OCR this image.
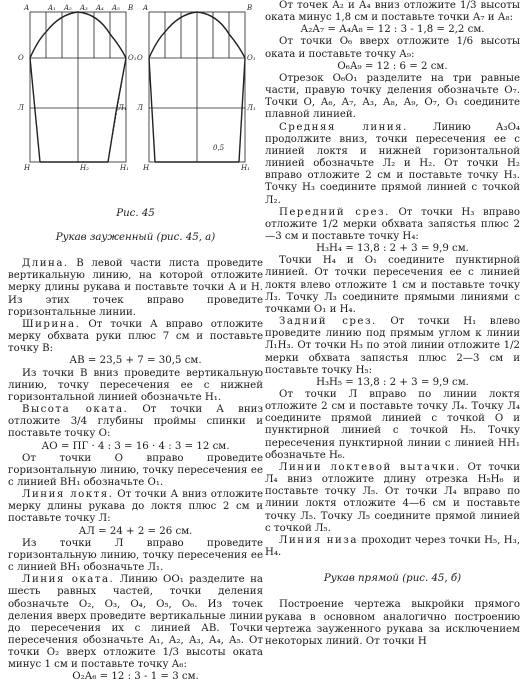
А	В
O	O₁
Л	Л₁
Н	Н₁
A₁ A₂ A₃ A₄ A₅
Н₂
A	В
O	O₁
Л	Л₁
Н	Н₁
0,5
Рис. 45
Рукав зауженный (рис. 45, а)

Длина. В левой части листа проведите вертикальную линию, на которой отложите мерку длины рукава и поставьте точки А и Н. Из этих точек вправо проведите горизонтальные линии.

Ширина. От точки А вправо отложите мерку обхвата руки плюс 7 см и поставьте точку В:

АВ = 23,5 + 7 = 30,5 см.

Из точки В вниз проведите вертикальную линию, точку пересечения ее с нижней горизонтальной линией обозначьте Н₁.

Высота оката. От точки А вниз отложите 3/4 глубины проймы спинки и поставьте точку О:

АО = ПГ · 4 : 3 = 16 · 4 : 3 = 12 см.

От точки О вправо проведите горизонтальную линию, точку пересечения ее с линией ВН₁ обозначьте О₁.

Линия локтя. От точки А вниз отложите мерку длины рукава до локтя плюс 2 см и поставьте точку Л:

АЛ = 24 + 2 = 26 см.

Из точки Л вправо проведите горизонтальную линию, точку пересечения ее с линией ВН₁ обозначьте Л₁.

Линия оката. Линию ОО₁ разделите на шесть равных частей, точки деления обозначьте О₂, О₃, О₄, О₅, О₆. Из точек деления вверх проведите вертикальные линии до пересечения их с линией АВ. Точки пересечения обозначьте А₁, А₂, А₃, А₄, А₅. От точки О₂ вверх отложите 1/3 высоты оката минус 1 см и поставьте точку А₆:

О₂А₆ = 12 : 3 - 1 = 3 см.

От точек А₂ и А₄ вниз отложите 1/3 высоты оката минус 1,8 см и поставьте точки А₇ и А₈:

А₂А₇ = А₄А₈ = 12 : 3 - 1,8 = 2,2 см.

От точки О₆ вверх отложите 1/6 высоты оката и поставьте точку А₉:

О₆А₉ = 12 : 6 = 2 см.

Отрезок О₆О₁ разделите на три равные части, правую точку деления обозначьте О₇. Точки О, А₆, А₇, А₃, А₈, А₉, О₇, О₁ соедините плавной линией.

Средняя линия. Линию А₃О₄ продолжите вниз, точки пересечения ее с линией локтя и нижней горизонтальной линией обозначьте Л₂ и Н₂. От точки Н₂ вправо отложите 2 см и поставьте точку Н₃. Точку Н₃ соедините прямой линией с точкой Л₂.

Передний срез. От точки Н₃ вправо отложите 1/2 мерки обхвата запястья плюс 2—3 см и поставьте точку Н₄:

Н₃Н₄ = 13,8 : 2 + 3 = 9,9 см.

Точки Н₄ и О₁ соедините пунктирной линией. От точки пересечения ее с линией локтя влево отложите 1 см и поставьте точку Л₃. Точку Л₃ соедините прямыми линиями с точками О₁ и Н₄.

Задний срез. От точки Н₁ влево проведите линию под прямым углом к линии Л₁Н₃. От точки Н₃ по этой линии отложите 1/2 мерки обхвата запястья плюс 2—3 см и поставьте точку Н₅:

Н₃Н₅ = 13,8 : 2 + 3 = 9,9 см.

От точки Л вправо по линии локтя отложите 2 см и поставьте точку Л₄. Точку Л₄ соедините прямой линией с точкой О и пунктирной линией с точкой Н₅. Точку пересечения пунктирной линии с линией НН₁ обозначьте Н₆.

Линии локтевой вытачки. От точки Л₄ вниз отложите длину отрезка Н₅Н₆ и поставьте точку Л₅. От точки Л₄ вправо по линии локтя отложите 4—6 см и поставьте точку Л₅. Точку Л₅ соедините прямой линией с точкой Л₅.

Линия низа проходит через точки Н₅, Н₃, Н₄.

Рукав прямой (рис. 45, б)

Построение чертежа выкройки прямого рукава в основном аналогично построению чертежа зауженного рукава за исключением некоторых линий. От точки Н
